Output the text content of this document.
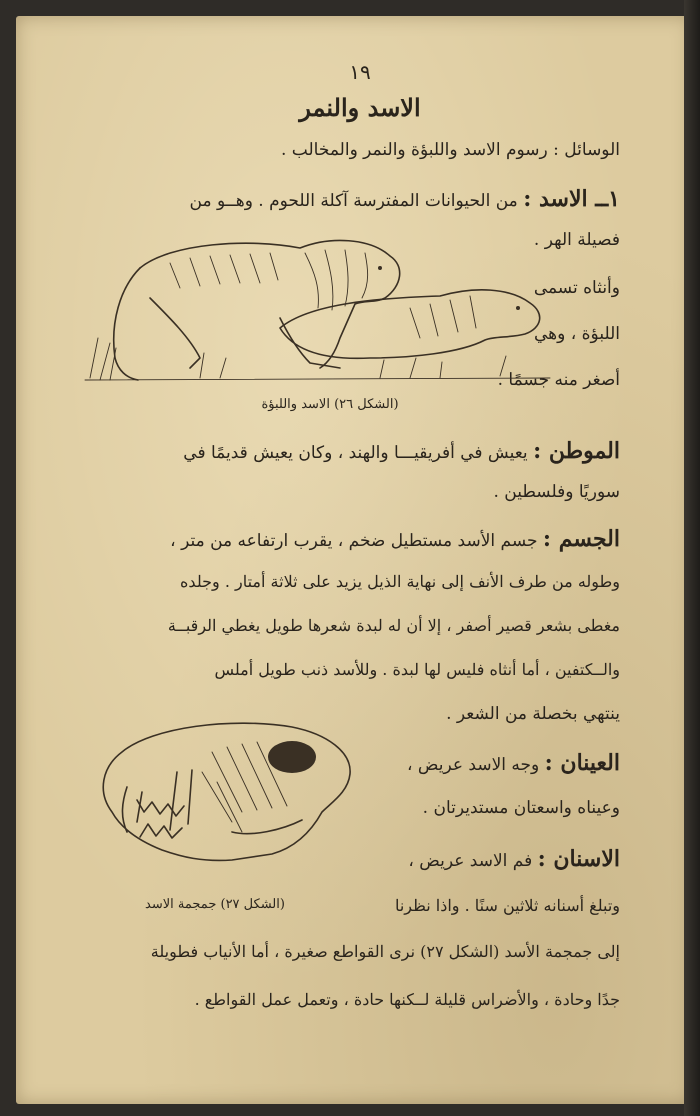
١٩
الاسد والنمر
الوسائل : رسوم الاسد واللبؤة والنمر والمخالب .
١ــ الاسد : من الحيوانات المفترسة آكلة اللحوم . وهــو من
فصيلة الهر .
وأنثاه تسمى
اللبؤة ، وهي
أصغر منه جسمًا .
(الشكل ٢٦) الاسد واللبؤة
الموطن : يعيش في أفريقيـــا والهند ، وكان يعيش قديمًا في
سوريًا وفلسطين .
الجسم : جسم الأسد مستطيل ضخم ، يقرب ارتفاعه من متر ،
وطوله من طرف الأنف إلى نهاية الذيل يزيد على ثلاثة أمتار . وجلده
مغطى بشعر قصير أصفر ، إلا أن له لبدة شعرها طويل يغطي الرقبــة
والــكتفين ، أما أنثاه فليس لها لبدة . وللأسد ذنب طويل أملس
ينتهي بخصلة من الشعر .
العينان : وجه الاسد عريض ،
وعيناه واسعتان مستديرتان .
الاسنان : فم الاسد عريض ،
(الشكل ٢٧) جمجمة الاسد	وتبلغ أسنانه ثلاثين سنًا . واذا نظرنا
إلى جمجمة الأسد (الشكل ٢٧) نرى القواطع صغيرة ، أما الأنياب فطويلة
جدًا وحادة ، والأضراس قليلة لــكنها حادة ، وتعمل عمل القواطع .
